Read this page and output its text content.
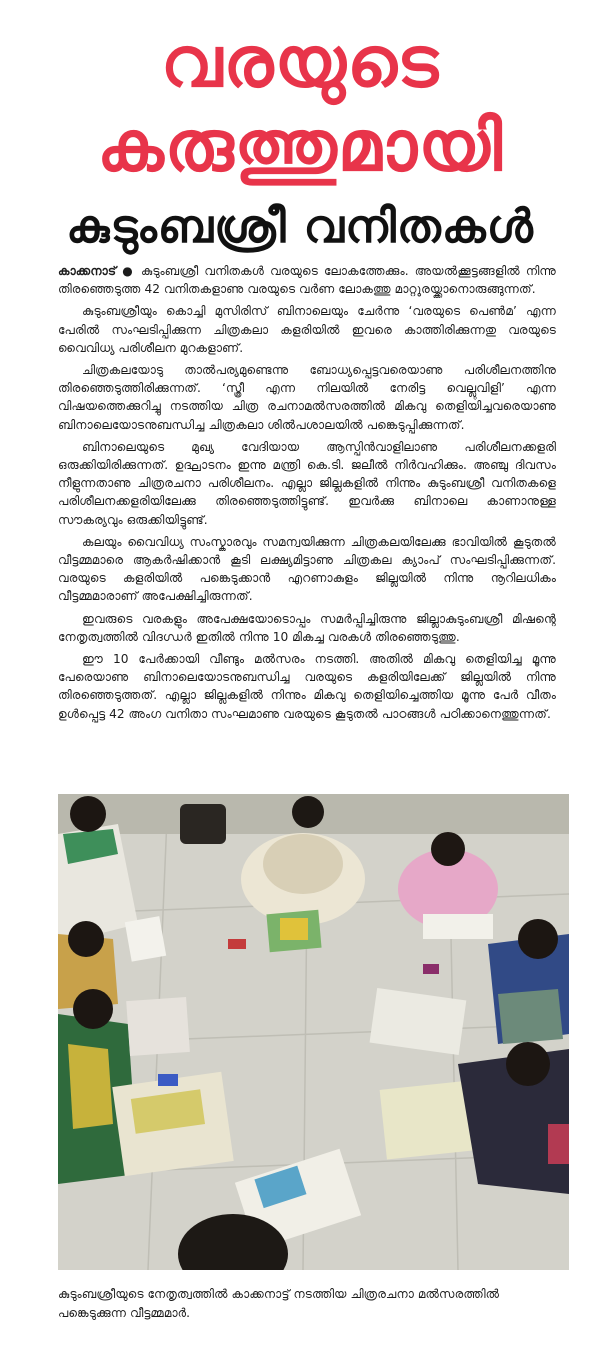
വരയുടെ
കരുത്തുമായി
കുടുംബശ്രീ വനിതകൾ

കാക്കനാട് ● കുടുംബശ്രീ വനിതകൾ വരയുടെ ലോകത്തേക്കും. അയൽക്കൂട്ടങ്ങളിൽ നിന്നു തിരഞ്ഞെടുത്ത 42 വനിതകളാണു വരയുടെ വർണ ലോകത്തു മാറ്റുരയ്ക്കാനൊരുങ്ങുന്നത്.

കുടുംബശ്രീയും കൊച്ചി മുസിരിസ് ബിനാലെയും ചേർന്നു ‘വരയുടെ പെൺമ’ എന്ന പേരിൽ സംഘടിപ്പിക്കുന്ന ചിത്രകലാ കളരിയിൽ ഇവരെ കാത്തിരിക്കുന്നതു വരയുടെ വൈവിധ്യ പരിശീലന മുറകളാണ്.

ചിത്രകലയോടു താൽപര്യമുണ്ടെന്നു ബോധ്യപ്പെട്ടവരെയാണു പരിശീലനത്തിനു തിരഞ്ഞെടുത്തിരിക്കുന്നത്. ‘സ്ത്രീ എന്ന നിലയിൽ നേരിട്ട വെല്ലുവിളി’ എന്ന വിഷയത്തെക്കുറിച്ചു നടത്തിയ ചിത്ര രചനാമൽസരത്തിൽ മികവു തെളിയിച്ചവരെയാണു ബിനാലെയോടനുബന്ധിച്ച ചിത്രകലാ ശിൽപശാലയിൽ പങ്കെടുപ്പിക്കുന്നത്.

ബിനാലെയുടെ മുഖ്യ വേദിയായ ആസ്പിൻവാളിലാണു പരിശീലനക്കളരി ഒരുക്കിയിരിക്കുന്നത്. ഉദ്ഘാടനം ഇന്നു മന്ത്രി കെ.ടി. ജലീൽ നിർവഹിക്കും. അഞ്ചു ദിവസം നീളുന്നതാണു ചിത്രരചനാ പരിശീലനം. എല്ലാ ജില്ലകളിൽ നിന്നും കുടുംബശ്രീ വനിതകളെ പരിശീലനക്കളരിയിലേക്കു തിരഞ്ഞെടുത്തിട്ടുണ്ട്. ഇവർക്കു ബിനാലെ കാണാനുള്ള സൗകര്യവും ഒരുക്കിയിട്ടുണ്ട്.

കലയും വൈവിധ്യ സംസ്കാരവും സമന്വയിക്കുന്ന ചിത്രകലയിലേക്കു ഭാവിയിൽ കൂടുതൽ വീട്ടമ്മമാരെ ആകർഷിക്കാൻ കൂടി ലക്ഷ്യമിട്ടാണു ചിത്രകല ക്യാംപ് സംഘടിപ്പിക്കുന്നത്. വരയുടെ കളരിയിൽ പങ്കെടുക്കാൻ എറണാകുളം ജില്ലയിൽ നിന്നു നൂറിലധികം വീട്ടമ്മമാരാണ് അപേക്ഷിച്ചിരുന്നത്.

ഇവരുടെ വരകളും അപേക്ഷയോടൊപ്പം സമർപ്പിച്ചിരുന്നു ജില്ലാകുടുംബശ്രീ മിഷന്റെ നേതൃത്വത്തിൽ വിദഗ്ധർ ഇതിൽ നിന്നു 10 മികച്ച വരകൾ തിരഞ്ഞെടുത്തു.

ഈ 10 പേർക്കായി വീണ്ടും മൽസരം നടത്തി. അതിൽ മികവു തെളിയിച്ച മൂന്നു പേരെയാണു ബിനാലെയോടനുബന്ധിച്ച വരയുടെ കളരിയിലേക്ക് ജില്ലയിൽ നിന്നു തിരഞ്ഞെടുത്തത്. എല്ലാ ജില്ലകളിൽ നിന്നും മികവു തെളിയിച്ചെത്തിയ മൂന്നു പേർ വീതം ഉൾപ്പെട്ട 42 അംഗ വനിതാ സംഘമാണു വരയുടെ കൂടുതൽ പാഠങ്ങൾ പഠിക്കാനെത്തുന്നത്.

കുടുംബശ്രീയുടെ നേതൃത്വത്തിൽ കാക്കനാട്ട് നടത്തിയ ചിത്രരചനാ മൽസരത്തിൽ പങ്കെടുക്കുന്ന വീട്ടമ്മമാർ.
